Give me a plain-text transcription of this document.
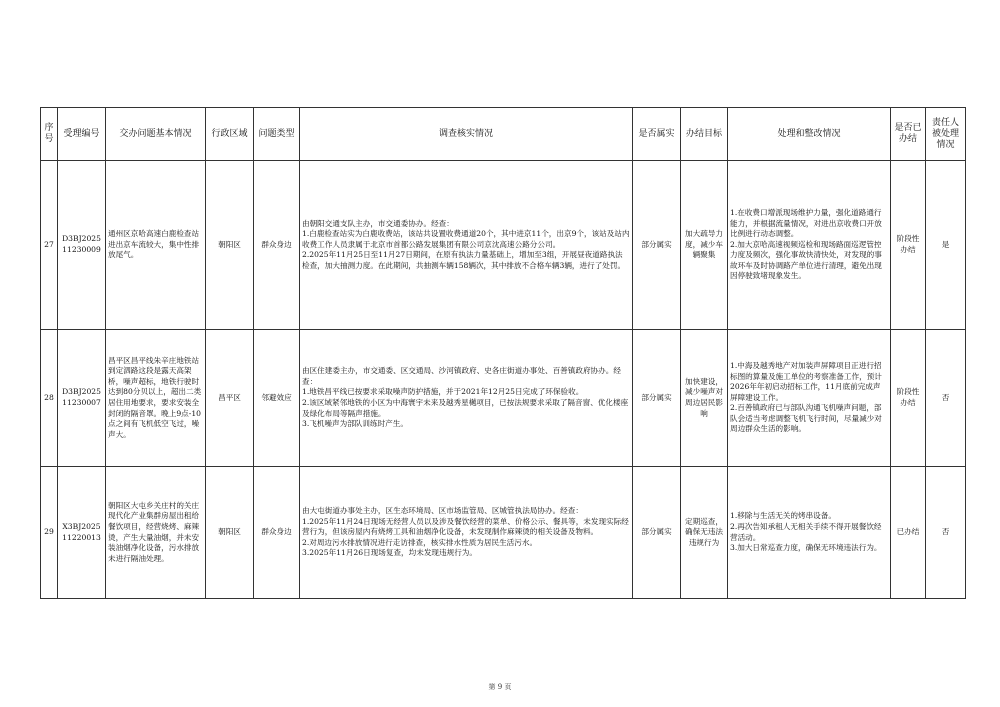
序号	受理编号	交办问题基本情况	行政区域	问题类型	调查核实情况	是否属实	办结目标	处理和整改情况	是否已办结	责任人被处理情况
27	D3BJ2025
11230009	通州区京哈高速白鹿检查站进出京车流较大，集中性排放尾气。	朝阳区	群众身边	由朝阳交通支队主办，市交通委协办。经查：
1.白鹿检查站实为白鹿收费站，该站共设置收费通道20个，其中进京11个，出京9个，该站及站内收费工作人员隶属于北京市首都公路发展集团有限公司京沈高速公路分公司。
2.2025年11月25日至11月27日期间，在原有执法力量基础上，增加至3组，开展昼夜道路执法检查，加大抽测力度。在此期间，共抽测车辆158辆次，其中排放不合格车辆3辆，进行了处罚。	部分属实	加大疏导力度，减少车辆聚集	1.在收费口增派现场维护力量，强化道路通行能力，并根据流量情况，对进出京收费口开放比例进行动态调整。
2.加大京哈高速视频巡检和现场路面巡逻管控力度及频次，强化事故快清快处，对发现的事故环车及时协调路产单位进行清理，避免出现因停驶致堵现象发生。	阶段性办结	是
28	D3BJ2025
11230007	昌平区昌平线朱辛庄地铁站到定泗路这段是露天高架桥，噪声超标，地铁行驶时达到80分贝以上，超出二类居住用地要求，要求安装全封闭的隔音罩。晚上9点-10点之间有飞机低空飞过，噪声大。	昌平区	邻避效应	由区住建委主办，市交通委、区交通局、沙河镇政府、史各庄街道办事处、百善镇政府协办。经查：
1.地铁昌平线已按要求采取噪声防护措施，并于2021年12月25日完成了环保验收。
2.该区域紧邻地铁的小区为中海寰宇未来及越秀星樾项目，已按法规要求采取了隔音窗、优化楼座及绿化布局等隔声措施。
3.飞机噪声为部队训练时产生。	部分属实	加快建设，减少噪声对周边居民影响	1.中海及越秀地产对加装声屏障项目正进行招标图的算量及施工单位的考察准备工作，预计2026年年初启动招标工作，11月底前完成声屏障建设工作。
2.百善镇政府已与部队沟通飞机噪声问题，部队会适当考虑调整飞机飞行时间，尽量减少对周边群众生活的影响。	阶段性办结	否
29	X3BJ2025
11220013	朝阳区大屯乡关庄村的关庄现代化产业集群房屋出租给餐饮项目，经营烧烤、麻辣烫，产生大量油烟，并未安装油烟净化设备，污水排放未进行隔油处理。	朝阳区	群众身边	由大屯街道办事处主办，区生态环境局、区市场监管局、区城管执法局协办。经查：
1.2025年11月24日现场无经营人员以及涉及餐饮经营的菜单、价格公示、餐具等，未发现实际经营行为，但该房屋内有烧烤工具和油烟净化设备，未发现制作麻辣烫的相关设备及物料。
2.对周边污水排放情况进行走访排查，核实排水性质为居民生活污水。
3.2025年11月26日现场复查，均未发现违规行为。	部分属实	定期巡查，确保无违法违规行为	1.移除与生活无关的烤串设备。
2.再次告知承租人无相关手续不得开展餐饮经营活动。
3.加大日常巡查力度，确保无环境违法行为。	已办结	否
第 9 页
